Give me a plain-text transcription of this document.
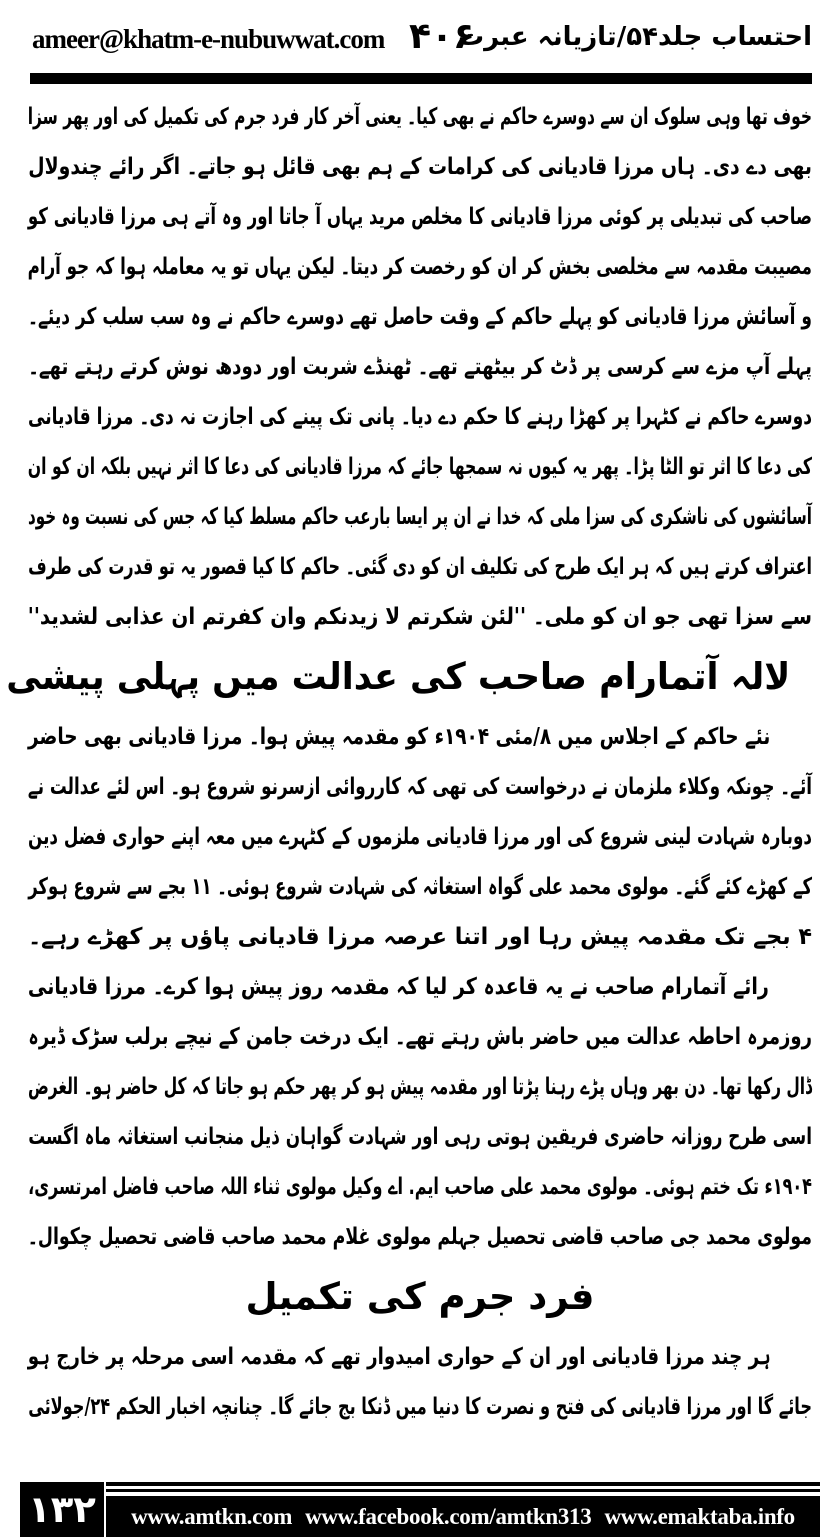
ameer@khatm-e-nubuwwat.com ۴۰۶
احتساب جلد۵۴/تازیانہ عبرت
خوف تھا وہی سلوک ان سے دوسرے حاکم نے بھی کیا۔ یعنی آخر کار فرد جرم کی تکمیل کی اور پھر سزا
بھی دے دی۔ ہاں مرزا قادیانی کی کرامات کے ہم بھی قائل ہو جاتے۔ اگر رائے چندولال
صاحب کی تبدیلی پر کوئی مرزا قادیانی کا مخلص مرید یہاں آ جاتا اور وہ آتے ہی مرزا قادیانی کو
مصیبت مقدمہ سے مخلصی بخش کر ان کو رخصت کر دیتا۔ لیکن یہاں تو یہ معاملہ ہوا کہ جو آرام
و آسائش مرزا قادیانی کو پہلے حاکم کے وقت حاصل تھے دوسرے حاکم نے وہ سب سلب کر دیئے۔
پہلے آپ مزے سے کرسی پر ڈٹ کر بیٹھتے تھے۔ ٹھنڈے شربت اور دودھ نوش کرتے رہتے تھے۔
دوسرے حاکم نے کٹہرا پر کھڑا رہنے کا حکم دے دیا۔ پانی تک پینے کی اجازت نہ دی۔ مرزا قادیانی
کی دعا کا اثر تو الٹا پڑا۔ پھر یہ کیوں نہ سمجھا جائے کہ مرزا قادیانی کی دعا کا اثر نہیں بلکہ ان کو ان
آسائشوں کی ناشکری کی سزا ملی کہ خدا نے ان پر ایسا بارعب حاکم مسلط کیا کہ جس کی نسبت وہ خود
اعتراف کرتے ہیں کہ ہر ایک طرح کی تکلیف ان کو دی گئی۔ حاکم کا کیا قصور یہ تو قدرت کی طرف
سے سزا تھی جو ان کو ملی۔ ''لئن شکرتم لا زیدنکم وان کفرتم ان عذابی لشدید''
لالہ آتمارام صاحب کی عدالت میں پہلی پیشی
نئے حاکم کے اجلاس میں ۸/مئی ۱۹۰۴ء کو مقدمہ پیش ہوا۔ مرزا قادیانی بھی حاضر
آئے۔ چونکہ وکلاء ملزمان نے درخواست کی تھی کہ کارروائی ازسرنو شروع ہو۔ اس لئے عدالت نے
دوبارہ شہادت لینی شروع کی اور مرزا قادیانی ملزموں کے کٹہرے میں معہ اپنے حواری فضل دین
کے کھڑے کئے گئے۔ مولوی محمد علی گواہ استغاثہ کی شہادت شروع ہوئی۔ ۱۱ بجے سے شروع ہوکر
۴ بجے تک مقدمہ پیش رہا اور اتنا عرصہ مرزا قادیانی پاؤں پر کھڑے رہے۔
رائے آتمارام صاحب نے یہ قاعدہ کر لیا کہ مقدمہ روز پیش ہوا کرے۔ مرزا قادیانی
روزمرہ احاطہ عدالت میں حاضر باش رہتے تھے۔ ایک درخت جامن کے نیچے برلب سڑک ڈیرہ
ڈال رکھا تھا۔ دن بھر وہاں پڑے رہنا پڑتا اور مقدمہ پیش ہو کر پھر حکم ہو جاتا کہ کل حاضر ہو۔ الغرض
اسی طرح روزانہ حاضری فریقین ہوتی رہی اور شہادت گواہان ذیل منجانب استغاثہ ماہ اگست
۱۹۰۴ء تک ختم ہوئی۔ مولوی محمد علی صاحب ایم. اے وکیل مولوی ثناء اللہ صاحب فاضل امرتسری،
مولوی محمد جی صاحب قاضی تحصیل جہلم مولوی غلام محمد صاحب قاضی تحصیل چکوال۔
فرد جرم کی تکمیل
ہر چند مرزا قادیانی اور ان کے حواری امیدوار تھے کہ مقدمہ اسی مرحلہ پر خارج ہو
جائے گا اور مرزا قادیانی کی فتح و نصرت کا دنیا میں ڈنکا بج جائے گا۔ چنانچہ اخبار الحکم ۲۴/جولائی
۱۳۲ www.amtkn.com www.facebook.com/amtkn313 www.emaktaba.info
